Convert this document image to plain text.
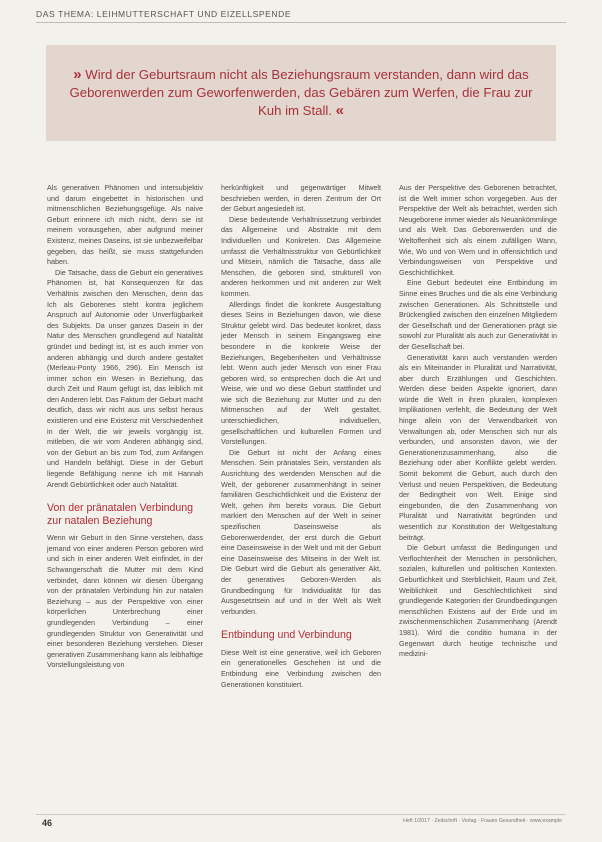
DAS THEMA: LEIHMUTTERSCHAFT UND EIZELLSPENDE
» Wird der Geburtsraum nicht als Beziehungsraum verstanden, dann wird das Geborenwerden zum Geworfenwerden, das Gebären zum Werfen, die Frau zur Kuh im Stall. «

Als generativen Phänomen und intersubjektiv und darum eingebettet in historischen und mitmenschlichen Beziehungsgefüge. Als naive Geburt erinnere ich mich nicht, denn sie ist meinem vorausgehen, aber aufgrund meiner Existenz, meines Daseins, ist sie unbezweifelbar gegeben, das heißt, sie muss stattgefunden haben.

Die Tatsache, dass die Geburt ein generatives Phänomen ist, hat Konsequenzen für das Verhältnis zwischen den Menschen, denn das Ich als Geborenes steht kontra jeglichem Anspruch auf Autonomie oder Unverfügbarkeit des Subjekts. Da unser ganzes Dasein in der Natur des Menschen grundlegend auf Natalität gründet und bedingt ist, ist es auch immer von anderen abhängig und durch andere gestaltet (Merleau-Ponty 1966, 296). Ein Mensch ist immer schon ein Wesen in Beziehung, das durch Zeit und Raum gefügt ist, das leiblich mit den Anderen lebt. Das Faktum der Geburt macht deutlich, dass wir nicht aus uns selbst heraus existieren und eine Existenz mit Verschiedenheit in der Welt, die wir jeweils vorgängig ist, mitleben, die wir vom Anderen abhängig sind, von der Geburt an bis zum Tod, zum Anfangen und Handeln befähigt. Diese in der Geburt liegende Befähigung nenne ich mit Hannah Arendt Gebürtlichkeit oder auch Natalität.

Von der pränatalen Verbindung zur natalen Beziehung

Wenn wir Geburt in den Sinne verstehen, dass jemand von einer anderen Person geboren wird und sich in einer anderen Welt einfindet, in der Schwangerschaft die Mutter mit dem Kind verbindet, dann können wir diesen Übergang von der pränatalen Verbindung hin zur natalen Beziehung – aus der Perspektive von einer körperlichen Unterbrechung einer grundlegenden Verbindung – einer grundlegenden Struktur von Generativität und einer besonderen Beziehung verstehen. Dieser generativen Zusammenhang kann als leibhaftige Vorstellungsleistung von

herkünftigkeit und gegenwärtiger Mitwelt beschrieben werden, in deren Zentrum der Ort der Geburt angesiedelt ist.

Diese bedeutende Verhältnissetzung verbindet das Allgemeine und Abstrakte mit dem Individuellen und Konkreten. Das Allgemeine umfasst die Verhältnisstruktur von Gebürtlichkeit und Mitsein, nämlich die Tatsache, dass alle Menschen, die geboren sind, strukturell von anderen herkommen und mit anderen zur Welt kommen.

Allerdings findet die konkrete Ausgestaltung dieses Seins in Beziehungen davon, wie diese Struktur gelebt wird. Das bedeutet konkret, dass jeder Mensch in seinem Eingangsweg eine besondere in die konkrete Weise der Beziehungen, Begebenheiten und Verhältnisse lebt. Wenn auch jeder Mensch von einer Frau geboren wird, so entsprechen doch die Art und Weise, wie und wo diese Geburt stattfindet und wie sich die Beziehung zur Mutter und zu den Mitmenschen auf der Welt gestaltet, unterschiedlichen, individuellen, gesellschaftlichen und kulturellen Formen und Vorstellungen.

Die Geburt ist nicht der Anfang eines Menschen. Sein pränatales Sein, verstanden als Ausrichtung des werdenden Menschen auf die Welt, der geborener zusammenhängt in seiner familiären Geschichtlichkeit und die Existenz der Welt, gehen ihm bereits voraus. Die Geburt markiert den Menschen auf der Welt in seiner spezifischen Daseinsweise als Geborenwerdender, der erst durch die Geburt eine Daseinsweise in der Welt und mit der Geburt eine Daseinsweise des Mitseins in der Welt ist. Die Geburt wird die Geburt als generativer Akt, der generatives Geboren-Werden als Grundbedingung für Individualität für das Ausgesetztsein auf und in der Welt als Welt verbunden.

Entbindung und Verbindung

Diese Welt ist eine generative, weil ich Geboren ein generationelles Geschehen ist und die Entbindung eine Verbindung zwischen den Generationen konstituiert.

Aus der Perspektive des Geborenen betrachtet, ist die Welt immer schon vorgegeben. Aus der Perspektive der Welt als betrachtet, werden sich Neugeborene immer wieder als Neuankömmlinge und als Welt. Das Geborenwerden und die Weltoffenheit sich als einem zufälligen Wann, Wie, Wo und von Wem und in offensichtlich und Verbindungsweisen von Perspektive und Geschichtlichkeit.

Eine Geburt bedeutet eine Entbindung im Sinne eines Bruches und die als eine Verbindung zwischen Generationen. Als Schnittstelle und Brückenglied zwischen den einzelnen Mitgliedern der Gesellschaft und der Generationen prägt sie sowohl zur Pluralität als auch zur Generativität in der Gesellschaft bei.

Generativität kann auch verstanden werden als ein Miteinander in Pluralität und Narrativität, aber durch Erzählungen und Geschichten. Werden diese beiden Aspekte ignoriert, dann würde die Welt in ihren pluralen, komplexen Implikationen verfehlt, die Bedeutung der Welt hinge allein von der Verwendbarkeit von Verwaltungen ab, oder Menschen sich nur als verbunden, und ansonsten davon, wie der Generationenzusammenhang, also die Beziehung oder aber Konflikte gelebt werden. Somit bekommt die Geburt, auch durch den Verlust und neuen Perspektiven, die Bedeutung der Bedingtheit von Welt. Einige sind eingebunden, die den Zusammenhang von Pluralität und Narrativität begründen und wesentlich zur Konstitution der Weltgestaltung beiträgt.

Die Geburt umfasst die Bedingungen und Verflochtenheit der Menschen in persönlichen, sozialen, kulturellen und politischen Kontexten. Geburtlichkeit und Sterblichkeit, Raum und Zeit, Weiblichkeit und Geschlechtlichkeit sind grundlegende Kategorien der Grundbedingungen menschlichen Existens auf der Erde und im zwischenmenschlichen Zusammenhang (Arendt 1981). Wird die conditio humana in der Gegenwart durch heutige technische und medizini-

46	Heft 1/2017 · Zeitschrift · Verlag · Frauen Gesundheit · www.example
